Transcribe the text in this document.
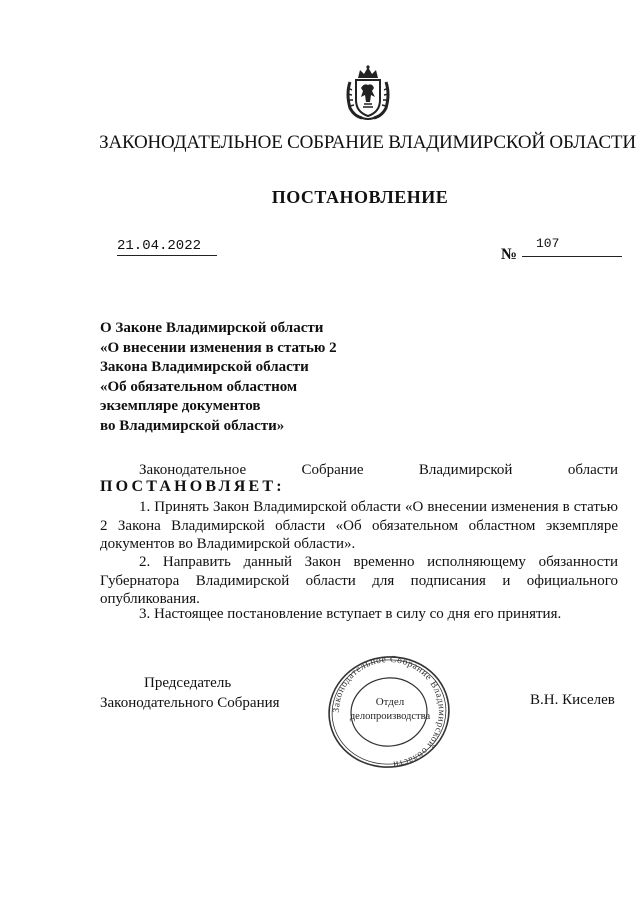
ЗАКОНОДАТЕЛЬНОЕ СОБРАНИЕ ВЛАДИМИРСКОЙ ОБЛАСТИ
ПОСТАНОВЛЕНИЕ
21.04.2022	№
107
О Законе Владимирской области
«О внесении изменения в статью 2
Закона Владимирской области
«Об обязательном областном
экземпляре документов
во Владимирской области»
Законодательное	Собрание	Владимирской	области
ПОСТАНОВЛЯЕТ:
1. Принять Закон Владимирской области «О внесении изменения в статью 2 Закона Владимирской области «Об обязательном областном экземпляре документов во Владимирской области».
2. Направить данный Закон временно исполняющему обязанности Губернатора Владимирской области для подписания и официального опубликования.
3. Настоящее постановление вступает в силу со дня его принятия.
Председатель
Законодательного Собрания	В.Н. Киселев
Законодательное Собрание Владимирской области
Отдел
делопроизводства
